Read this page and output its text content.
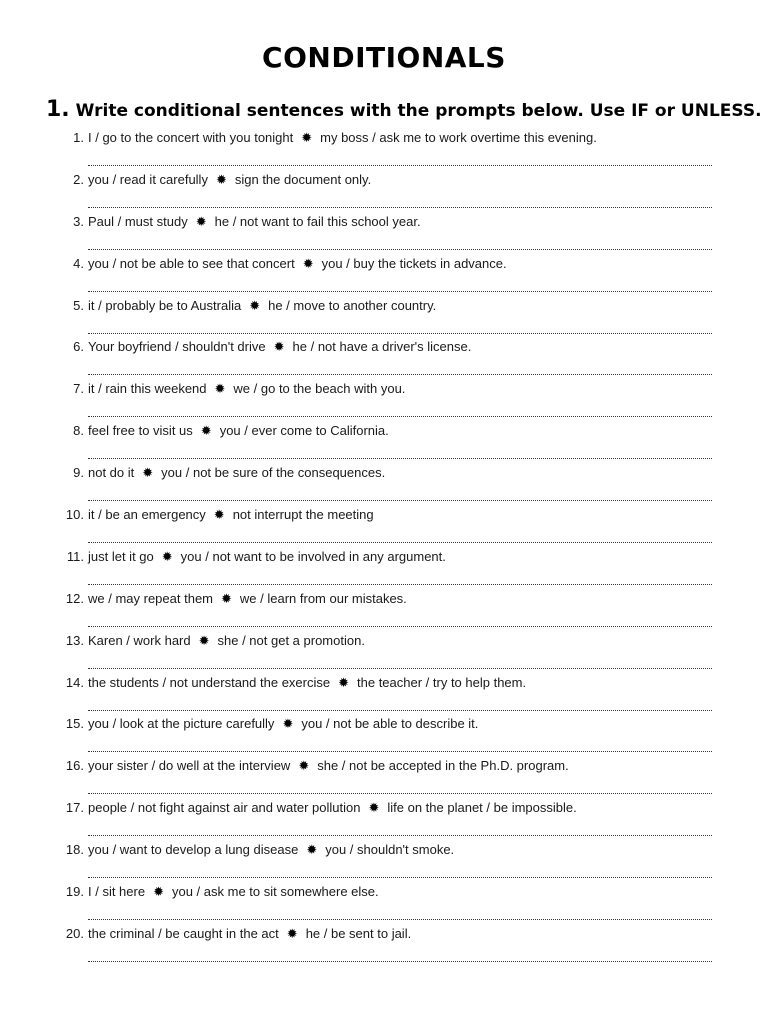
CONDITIONALS
1. Write conditional sentences with the prompts below. Use IF or UNLESS.
1. I / go to the concert with you tonight ✹ my boss / ask me to work overtime this evening.
2. you / read it carefully ✹ sign the document only.
3. Paul / must study ✹ he / not want to fail this school year.
4. you / not be able to see that concert ✹ you / buy the tickets in advance.
5. it / probably be to Australia ✹ he / move to another country.
6. Your boyfriend / shouldn't drive ✹ he / not have a driver's license.
7. it / rain this weekend ✹ we / go to the beach with you.
8. feel free to visit us ✹ you / ever come to California.
9. not do it ✹ you / not be sure of the consequences.
10. it / be an emergency ✹ not interrupt the meeting
11. just let it go ✹ you / not want to be involved in any argument.
12. we / may repeat them ✹ we / learn from our mistakes.
13. Karen / work hard ✹ she / not get a promotion.
14. the students / not understand the exercise ✹ the teacher / try to help them.
15. you / look at the picture carefully ✹ you / not be able to describe it.
16. your sister / do well at the interview ✹ she / not be accepted in the Ph.D. program.
17. people / not fight against air and water pollution ✹ life on the planet / be impossible.
18. you / want to develop a lung disease ✹ you / shouldn't smoke.
19. I / sit here ✹ you / ask me to sit somewhere else.
20. the criminal / be caught in the act ✹ he / be sent to jail.
